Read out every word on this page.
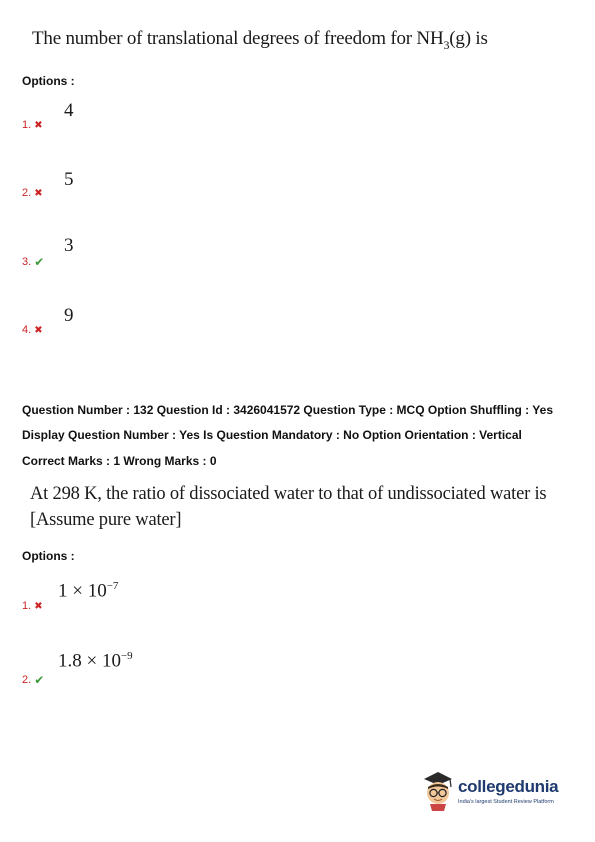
The number of translational degrees of freedom for $NH_3(g)$ is
Options :
4
1. ✖
5
2. ✖
3
3. ✔
9
4. ✖
Question Number : 132 Question Id : 3426041572 Question Type : MCQ Option Shuffling : Yes
Display Question Number : Yes Is Question Mandatory : No Option Orientation : Vertical
Correct Marks : 1 Wrong Marks : 0
At 298 K, the ratio of dissociated water to that of undissociated water is
[Assume pure water]
Options :
$1 \times 10^{-7}$
1. ✖
$1.8 \times 10^{-9}$
2. ✔
collegedunia
India's largest Student Review Platform
